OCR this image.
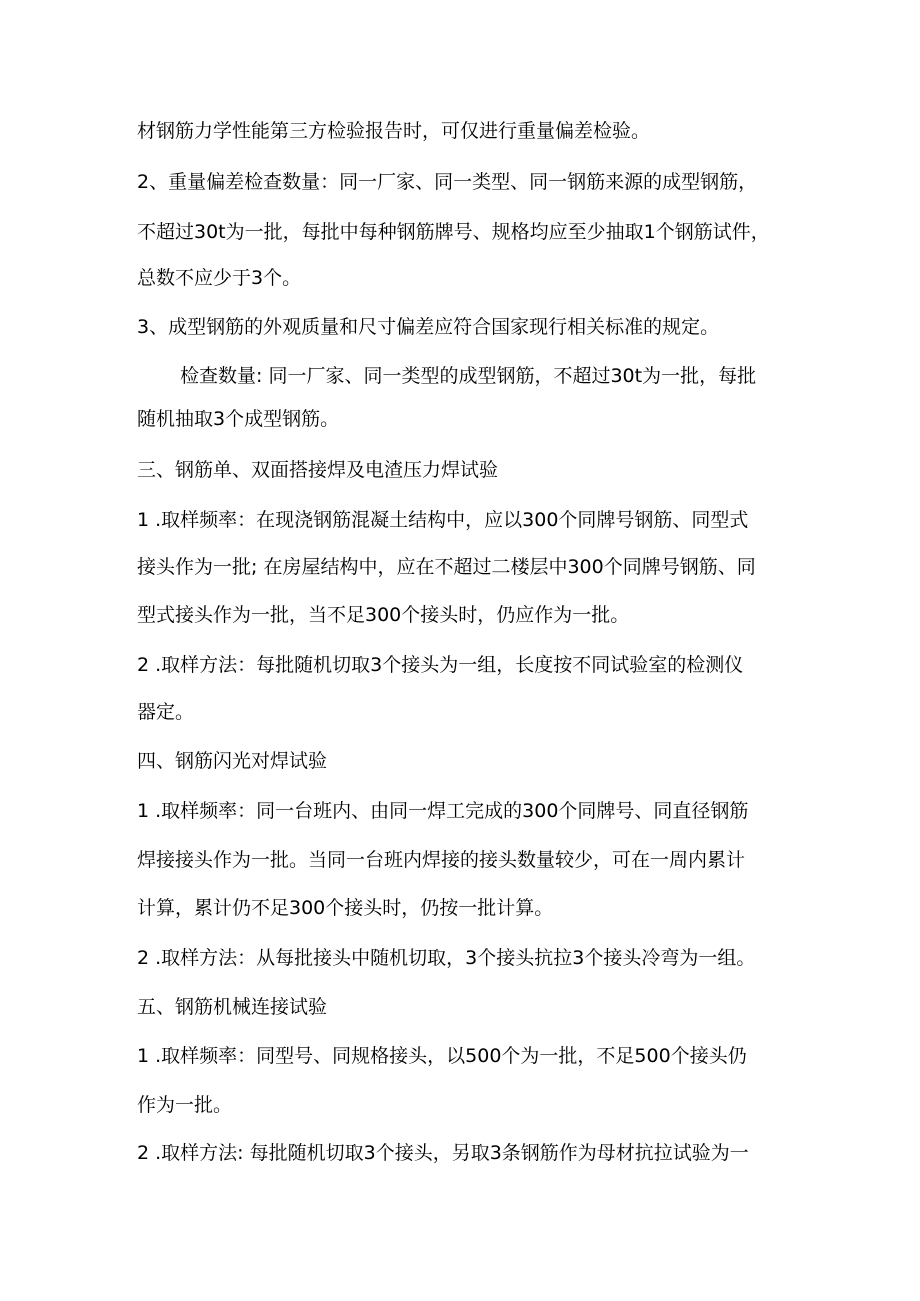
材钢筋力学性能第三方检验报告时，可仅进行重量偏差检验。
2、重量偏差检查数量：同一厂家、同一类型、同一钢筋来源的成型钢筋，
不超过30t为一批，每批中每种钢筋牌号、规格均应至少抽取1个钢筋试件，
总数不应少于3个。
3、成型钢筋的外观质量和尺寸偏差应符合国家现行相关标准的规定。
检查数量: 同一厂家、同一类型的成型钢筋，不超过30t为一批，每批
随机抽取3个成型钢筋。
三、钢筋单、双面搭接焊及电渣压力焊试验
1 .取样频率：在现浇钢筋混凝土结构中，应以300个同牌号钢筋、同型式
接头作为一批; 在房屋结构中，应在不超过二楼层中300个同牌号钢筋、同
型式接头作为一批，当不足300个接头时，仍应作为一批。
2 .取样方法：每批随机切取3个接头为一组，长度按不同试验室的检测仪
器定。
四、钢筋闪光对焊试验
1 .取样频率：同一台班内、由同一焊工完成的300个同牌号、同直径钢筋
焊接接头作为一批。当同一台班内焊接的接头数量较少，可在一周内累计
计算，累计仍不足300个接头时，仍按一批计算。
2 .取样方法：从每批接头中随机切取，3个接头抗拉3个接头冷弯为一组。
五、钢筋机械连接试验
1 .取样频率：同型号、同规格接头，以500个为一批，不足500个接头仍
作为一批。
2 .取样方法: 每批随机切取3个接头，另取3条钢筋作为母材抗拉试验为一
